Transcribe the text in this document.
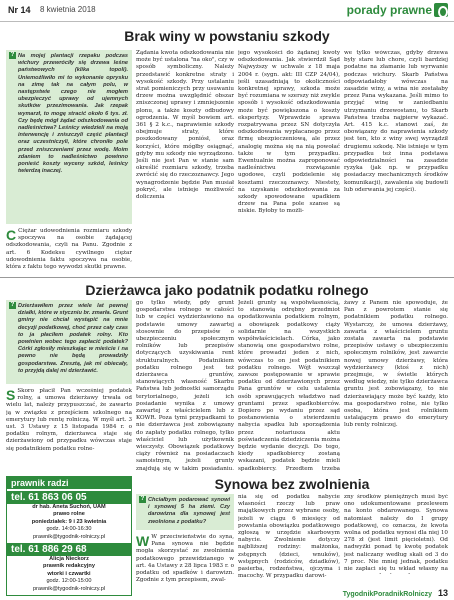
Nr 14 8 kwietnia 2018	porady prawne
Brak winy w powstaniu szkody
? Na mojej plantacji rzepaku podczas wichury przewróciły się drzewa leśne państwowych (klika topoli). Uniemożliwiło mi to wykonanie oprysku na zimę tak na całym polu, w następstwie czego nie mogłem ubezpieczyć uprawy od ujemnych skutków przezimowania. Jak rzepak wymarzł, to mogę stracić około 6 tys. zł. Czy będę mógł żądać odszkodowania od nadleśnictwa? Leśnicy wiedzieli na moją interwencję i zniszczyli część plantacji oraz uczestniczyli, które chroniło pole przed zniszczeniami przez wodę. Moim zdaniem to nadleśnictwo powinno ponieść koszty wyceny szkód, leśnicy twierdzą inaczej.
C Ciężar udowodnienia rozmiaru szkody spoczywa na osobie żądającej odszkodowania, czyli na Panu. Zgodnie z art. 6 Kodeksu cywilnego ciężar udowodnienia faktu spoczywa na osobie, która z faktu tego wywodzi skutki prawne.
Żądania kwota odszkodowania nie może być ustalona "na oko", czy w sposób symboliczny. Należy przedstawić konkretne straty i wysokość szkody. Przy ustalaniu strat pomieniczych przy usuwaniu drzew można uwzględnić obszar zniszczonej uprawy i zmniejszenie plonu, a także koszty odbudowy ogrodzenia. W myśl bowiem art. 361 § 2 k.c., naprawienie szkody obejmuje straty, które poszkodowany poniósł, oraz korzyści, które mógłby osiągnąć, gdyby mu szkody nie wyrządzono. Jeśli nie jest Pan w stanie sam określić rozmiaru szkody, trzeba zwrócić się do rzeczoznawcy. Jego wynagrodzenie będzie Pan musiał pokryć, ale istnieje możliwość doliczenia
jego wysokości do żądanej kwoty odszkodowania. Jak stwierdził Sąd Najwyższy w uchwale z 18 maja 2004 r. (sygn. akt: III CZP 24/04), jeśli uzasadniają to okoliczności konkretnej sprawy, szkoda może być rozumiana w szerszy niż zwykle sposób i wysokość odszkodowania może być powiększona o koszty ekspertyzy. Wprawdzie sprawa rozpatrywana przez SN dotyczyła odszkodowania wypłacanego przez firmę ubezpieczeniową, ale przez analogię można się na nią powołać także w tym przypadku. Ewentualnie można zaproponować nadleśnictwu rozwiązanie ugodowe, czyli podzielenie się kosztami rzeczoznawcy. Niestety, na uzyskanie odszkodowania za szkody spowodowane upadkiem drzew na Pana pole szanse są niskie. Byłoby to możli-
we tylko wówczas, gdyby drzewa były stare lub chore, czyli bardziej podatne na złamanie lub wyrwanie podczas wichury. Skarb Państwa odpowiadałoby wówczas na zasadzie winy, a wina nie zostałaby przez Pana wykazana. Jeśli mimo to przyjąć winę w zaniedbaniu utrzymaniu drzewostanu, to Skarb Państwa trzeba najpierw wykazać. Art. 415 k.c. stanowi zaś, że obowiązany do naprawienia szkody jest ten, kto z winy swej wyrządził drugiemu szkodę. Nie istnieje w tym przypadku też inna podstawa odpowiedzialności na zasadzie ryzyka (jak np. w przypadku posiadaczy mechanicznych środków komunikacji), zawalenia się budowli lub oderwania jej części).
Dzierżawca jako podatnik podatku rolnego
? Dzierżawiłem przez wiele lat pewnej działki, które w styczniu br. zmarła. Grunt gminy nie chciał wystąpić na mnie decyzji podatkowej, choć przez cały czas to ja płaciłem podatek rolny. Kto powinien wobec tego zapłacić podatek? Córki zgłosiły mieszkając w mieście i na pewno nie będą prowadziły gospodarstwa. Zresztą, jak mi obiecały, to przyjdą dalej mi dzierżawić.
S Skoro płacił Pan wcześniej podatek rolny, a umowa dzierżawy trwała od wielu lat, należy przypuszczać, że zawarto ją w związku z przejściem szkolnego na emerytury lub rentę rolniczą. W myśl art. 3 ust. 3 Ustawy z 15 listopada 1984 r. o podatku rolnym, dzierżawca staje się dzierżawiony od przypadku wówczas staje się podatnikiem podatku rolne-
go tylko wtedy, gdy grunt gospodarstwa rolnego w całości lub w części wydzierżawiono na podstawie umowy zawartej stosownie do przepisów o ubezpieczeniu społecznym rolników lub przepisów dotyczących uzyskiwania rent strukturalnych. Podatnikiem podatku rolnego jest też dzierżawca gruntów, stanowiących własność Skarbu Państwa lub jednostki samorządu terytorialnego, jeżeli ich posiadanie wynika z umowy zawartej z właścicielem lub z KOWR. Poza tymi przypadkami to nie dzierżawca jest zobowiązany do zapłaty podatku rolnego, tylko właściciel lub użytkownik wieczysty. Obowiązek podatkowy ciąży również na posiadaczach samoistnym, jeżeli grunty znajdują się w takim posiadaniu.
Jeżeli grunty są współwłasnością, to stanowią odrębny przedmiot opodatkowania podatkiem rolnym, a obowiązek podatkowy ciąży solidarnie na wszystkich współwłaścicielach. Córka, jako stanowią one gospodarstwo rolne, które prowadzi jeden z nich, wówczas to on jest podatnikiem podatku rolnego. Wójt wszczął zawsze postępowanie w sprawie podatku od dzierżawionych przez Pana gruntów w celu ustalenia osób sprawujących władztwo nad gruntami przez spadkobierców. Dopiero po wydaniu przez sąd postanowienia o stwierdzeniu nabycia spadku lub sporządzenia przez notariusza aktu poświadczenia dziedziczenia można będzie wydanie decyzji. Do tego, kiedy spadkobiercy zostaną wskazani, podatek będzie mieli spadkobiercy. Przedtem trzeba
żawy z Panem nie spowoduje, że Pan z powrotem stanie się podatnikiem podatku rolnego. Wystarczy, że umowa dzierżawy, zawarta z właścicielem gruntu została zawarta na podstawie przepisów ustawy o ubezpieczeniu społecznym rolników, jest zawarcie nowej umowy dzierżawy, która wydzierżawcy (ktoś z nich) przejmuje, w świetle których według wiedzy, nie tylko dzierżawca gruntu jest zobowiązany, to nie dzierżawiający może być każdy, kto ma gospodarstwo rolne, nie tylko osoba, która jest rolnikiem ustalającym prawo do emerytury lub renty rolniczej.
prawnik radzi
tel. 61 863 06 05
dr hab. Aneta Suchoń, UAM
prawo rolne
poniedziałek: 9 i 23 kwietnia
godz. 14:00-16:30
prawnik@tygodnik-rolniczy.pl
tel. 61 886 29 68
Alicja Nieckorz
prawnik redakcyjny
wtorki i czwartki
godz. 12:00-15:00
prawnik@tygodnik-rolniczy.pl
Synowa bez zwolnienia
? Chciałbym podarować synowi i synowej 5 ha ziemi. Czy darowizna dla synowej jest zwolniona z podatku?
W W przeciwieństwie do syna, Pana synowa nie będzie mogła skorzystać ze zwolnienia podatkowego przewidzianego w art. 4a Ustawy z 28 lipca 1983 r. o podatku od spadków i darowizn. Zgodnie z tym przepisem, zwal-
nia się od podatku nabycie własności rzeczy lub praw majątkowych przez wybrane osoby, jeżeli w ciągu 6 miesięcy od powstania obowiązku podatkowego zgłoszą w urzędzie skarbowym nabycie. Zwolnienie dotyczy najbliższej rodziny: małżonka, zstępnych (dzieci, wnuków), wstępnych (rodziców, dziadków), pasierba, rodzeństwa, ojczyma i macochy. W przypadku darowi-
zny środków pieniężnych musi być ono udokumentowane przelewem na konto obdarowanego. Synowa natomiast należy do I grupy podatkowej, co oznacza, że kwota wolna od podatku wynosi dla niej 10 278 zł (jest limit pięcioletni). Od nadwyżki ponad tę kwotę podatek jest naliczany według skali od 3 do 7 proc. Nie mniej jednak, podatku nie zapłaci się tu wkład własny na
TygodnikPoradnikRolniczy 13
